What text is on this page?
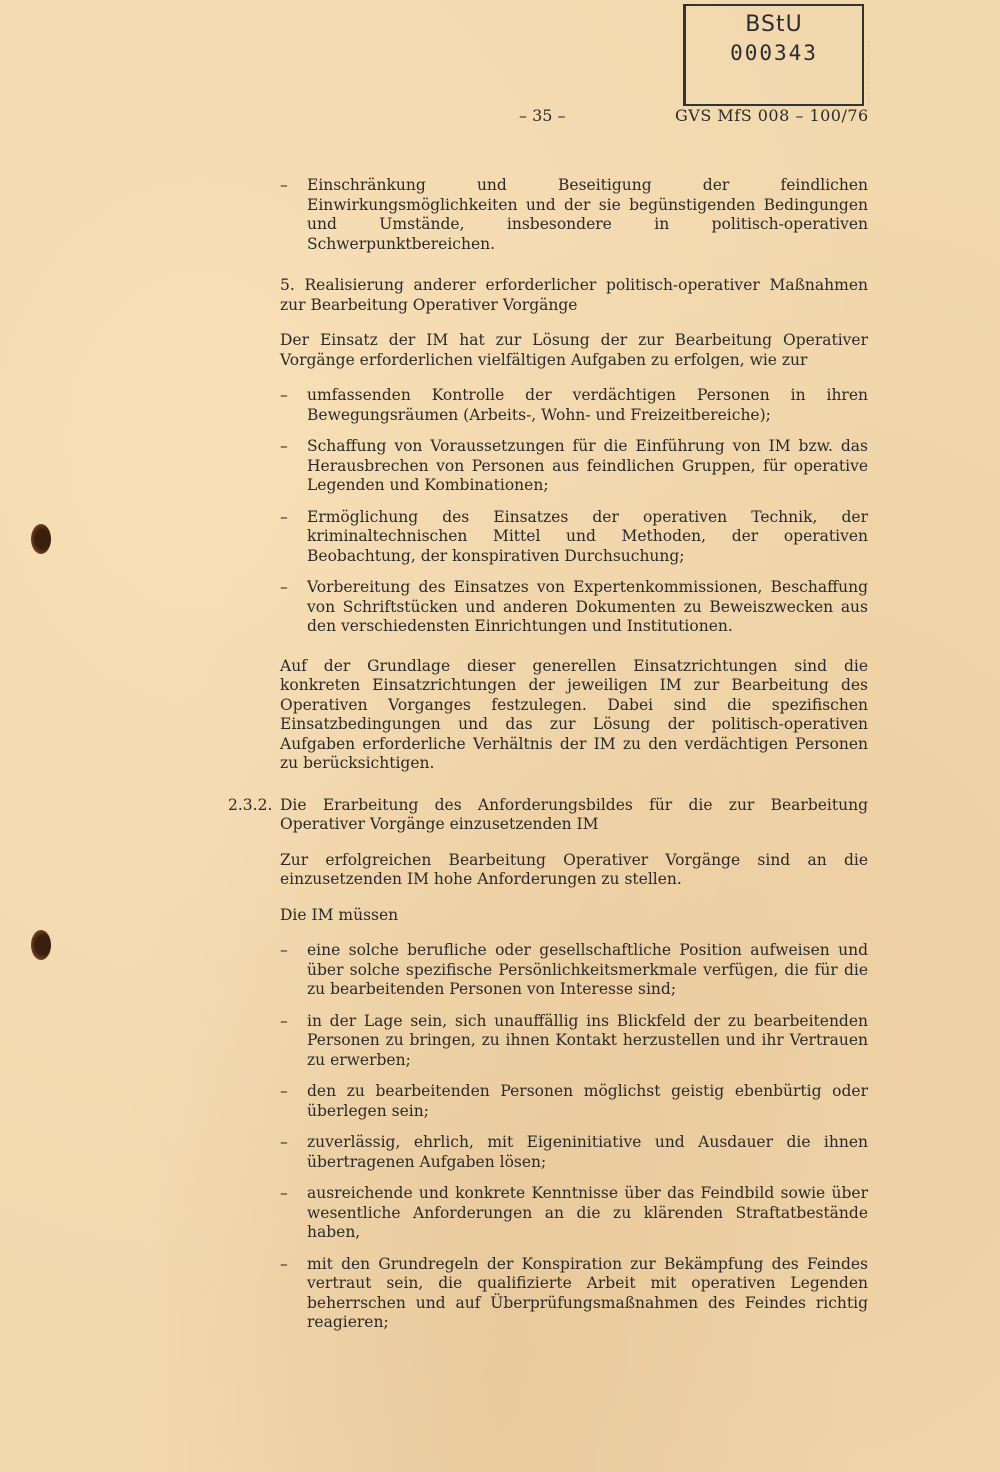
BStU
000343
– 35 –	GVS MfS 008 – 100/76
–	Einschränkung und Beseitigung der feindlichen Einwirkungsmöglichkeiten und der sie begünstigenden Bedingungen und Umstände, insbesondere in politisch-operativen Schwerpunktbereichen.
5. Realisierung anderer erforderlicher politisch-operativer Maßnahmen zur Bearbeitung Operativer Vorgänge
Der Einsatz der IM hat zur Lösung der zur Bearbeitung Operativer Vorgänge erforderlichen vielfältigen Aufgaben zu erfolgen, wie zur
–	umfassenden Kontrolle der verdächtigen Personen in ihren Bewegungsräumen (Arbeits-, Wohn- und Freizeitbereiche);
–	Schaffung von Voraussetzungen für die Einführung von IM bzw. das Herausbrechen von Personen aus feindlichen Gruppen, für operative Legenden und Kombinationen;
–	Ermöglichung des Einsatzes der operativen Technik, der kriminaltechnischen Mittel und Methoden, der operativen Beobachtung, der konspirativen Durchsuchung;
–	Vorbereitung des Einsatzes von Expertenkommissionen, Beschaffung von Schriftstücken und anderen Dokumenten zu Beweiszwecken aus den verschiedensten Einrichtungen und Institutionen.
Auf der Grundlage dieser generellen Einsatzrichtungen sind die konkreten Einsatzrichtungen der jeweiligen IM zur Bearbeitung des Operativen Vorganges festzulegen. Dabei sind die spezifischen Einsatzbedingungen und das zur Lösung der politisch-operativen Aufgaben erforderliche Verhältnis der IM zu den verdächtigen Personen zu berücksichtigen.
2.3.2. Die Erarbeitung des Anforderungsbildes für die zur Bearbeitung Operativer Vorgänge einzusetzenden IM
Zur erfolgreichen Bearbeitung Operativer Vorgänge sind an die einzusetzenden IM hohe Anforderungen zu stellen.
Die IM müssen
–	eine solche berufliche oder gesellschaftliche Position aufweisen und über solche spezifische Persönlichkeitsmerkmale verfügen, die für die zu bearbeitenden Personen von Interesse sind;
–	in der Lage sein, sich unauffällig ins Blickfeld der zu bearbeitenden Personen zu bringen, zu ihnen Kontakt herzustellen und ihr Vertrauen zu erwerben;
–	den zu bearbeitenden Personen möglichst geistig ebenbürtig oder überlegen sein;
–	zuverlässig, ehrlich, mit Eigeninitiative und Ausdauer die ihnen übertragenen Aufgaben lösen;
–	ausreichende und konkrete Kenntnisse über das Feindbild sowie über wesentliche Anforderungen an die zu klärenden Straftatbestände haben,
–	mit den Grundregeln der Konspiration zur Bekämpfung des Feindes vertraut sein, die qualifizierte Arbeit mit operativen Legenden beherrschen und auf Überprüfungsmaßnahmen des Feindes richtig reagieren;
